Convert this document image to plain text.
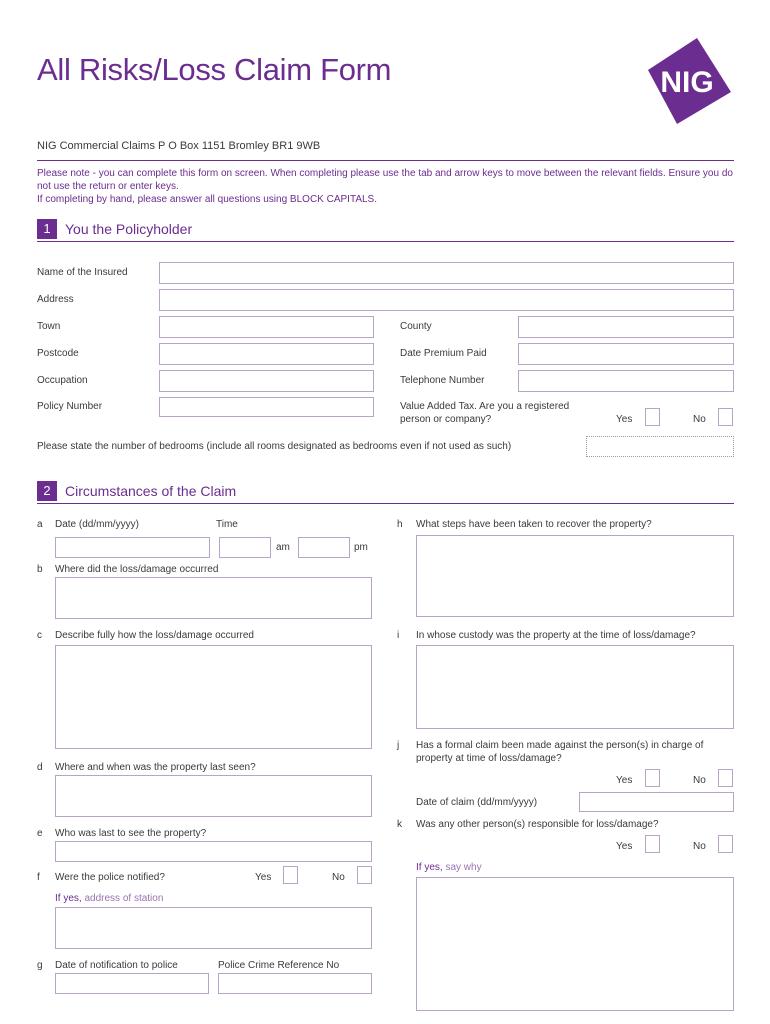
All Risks/Loss Claim Form	NIG
NIG Commercial Claims P O Box 1151 Bromley BR1 9WB
Please note - you can complete this form on screen. When completing please use the tab and arrow keys to move between the relevant fields. Ensure you do not use the return or enter keys.
If completing by hand, please answer all questions using BLOCK CAPITALS.
1	You the Policyholder
Name of the Insured
Address
Town	County
Postcode	Date Premium Paid
Occupation	Telephone Number
Policy Number	Value Added Tax. Are you a registered person or company?	Yes	No
Please state the number of bedrooms (include all rooms designated as bedrooms even if not used as such)
2	Circumstances of the Claim
a Date (dd/mm/yyyy)	Time
am	pm
b Where did the loss/damage occurred
c Describe fully how the loss/damage occurred
d Where and when was the property last seen?
e Who was last to see the property?
f Were the police notified?	Yes	No
If yes, address of station
g Date of notification to police	Police Crime Reference No
h What steps have been taken to recover the property?
i In whose custody was the property at the time of loss/damage?
j Has a formal claim been made against the person(s) in charge of property at time of loss/damage?
Yes	No
Date of claim (dd/mm/yyyy)
k Was any other person(s) responsible for loss/damage?
Yes	No
If yes, say why
